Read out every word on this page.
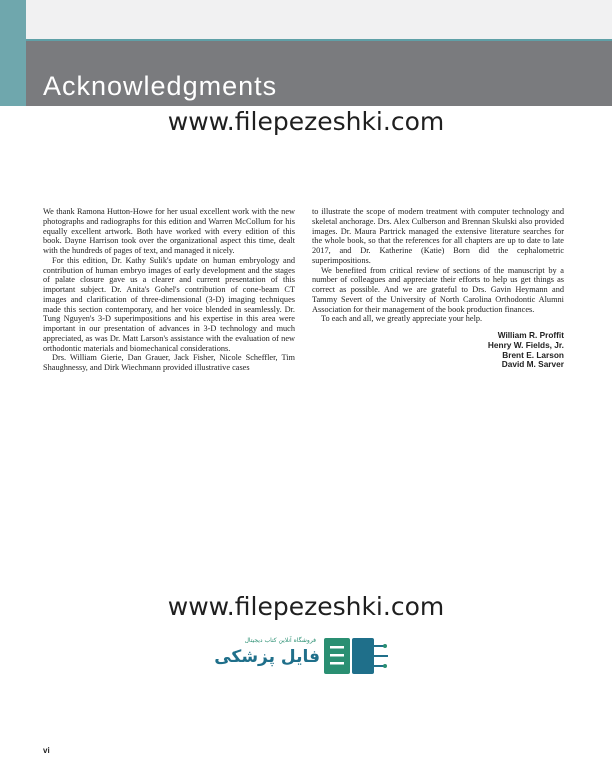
Acknowledgments
www.filepezeshki.com

We thank Ramona Hutton-Howe for her usual excellent work with the new photographs and radiographs for this edition and Warren McCollum for his equally excellent artwork. Both have worked with every edition of this book. Dayne Harrison took over the organizational aspect this time, dealt with the hundreds of pages of text, and managed it nicely.

For this edition, Dr. Kathy Sulik's update on human embryology and contribution of human embryo images of early development and the stages of palate closure gave us a clearer and current presentation of this important subject. Dr. Anita's Gohel's contribution of cone-beam CT images and clarification of three-dimensional (3-D) imaging techniques made this section contemporary, and her voice blended in seamlessly. Dr. Tung Nguyen's 3-D superimpositions and his expertise in this area were important in our presentation of advances in 3-D technology and much appreciated, as was Dr. Matt Larson's assistance with the evaluation of new orthodontic materials and biomechanical considerations.

Drs. William Gierie, Dan Grauer, Jack Fisher, Nicole Scheffler, Tim Shaughnessy, and Dirk Wiechmann provided illustrative cases

to illustrate the scope of modern treatment with computer technology and skeletal anchorage. Drs. Alex Culberson and Brennan Skulski also provided images. Dr. Maura Partrick managed the extensive literature searches for the whole book, so that the references for all chapters are up to date to late 2017, and Dr. Katherine (Katie) Born did the cephalometric superimpositions.

We benefited from critical review of sections of the manuscript by a number of colleagues and appreciate their efforts to help us get things as correct as possible. And we are grateful to Drs. Gavin Heymann and Tammy Severt of the University of North Carolina Orthodontic Alumni Association for their management of the book production finances.

To each and all, we greatly appreciate your help.

William R. Proffit
Henry W. Fields, Jr.
Brent E. Larson
David M. Sarver
www.filepezeshki.com
فروشگاه آنلاین کتاب دیجیتال
فایل پزشکی
vi
